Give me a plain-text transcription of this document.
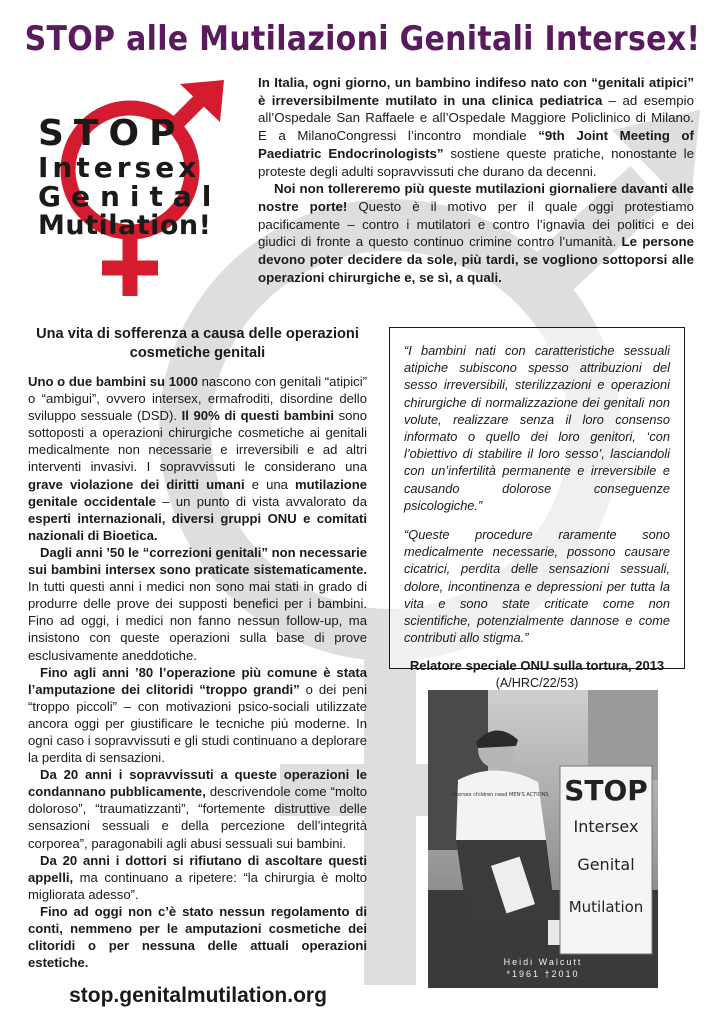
STOP alle Mutilazioni Genitali Intersex!
STOP
Intersex
Genital
Mutilation!

In Italia, ogni giorno, un bambino indifeso nato con “genitali atipici” è irreversibilmente mutilato in una clinica pediatrica – ad esempio all’Ospedale San Raffaele e all’Ospedale Maggiore Policlinico di Milano. E a MilanoCongressi l’incontro mondiale “9th Joint Meeting of Paediatric Endocrinologists” sostiene queste pratiche, nonostante le proteste degli adulti sopravvissuti che durano da decenni.

Noi non tollereremo più queste mutilazioni giornaliere davanti alle nostre porte! Questo è il motivo per il quale oggi protestiamo pacificamente – contro i mutilatori e contro l’ignavia dei politici e dei giudici di fronte a questo continuo crimine contro l’umanità. Le persone devono poter decidere da sole, più tardi, se vogliono sottoporsi alle operazioni chirurgiche e, se sì, a quali.

Una vita di sofferenza a causa delle operazioni cosmetiche genitali

Uno o due bambini su 1000 nascono con genitali “atipici” o “ambigui”, ovvero intersex, ermafroditi, disordine dello sviluppo sessuale (DSD). Il 90% di questi bambini sono sottoposti a operazioni chirurgiche cosmetiche ai genitali medicalmente non necessarie e irreversibili e ad altri interventi invasivi. I sopravvissuti le considerano una grave violazione dei diritti umani e una mutilazione genitale occidentale – un punto di vista avvalorato da esperti internazionali, diversi gruppi ONU e comitati nazionali di Bioetica.

Dagli anni ’50 le “correzioni genitali” non necessarie sui bambini intersex sono praticate sistematicamente. In tutti questi anni i medici non sono mai stati in grado di produrre delle prove dei supposti benefici per i bambini. Fino ad oggi, i medici non fanno nessun follow-up, ma insistono con queste operazioni sulla base di prove esclusivamente aneddotiche.

Fino agli anni ’80 l’operazione più comune è stata l’amputazione dei clitoridi “troppo grandi” o dei peni “troppo piccoli” – con motivazioni psico-sociali utilizzate ancora oggi per giustificare le tecniche più moderne. In ogni caso i sopravvissuti e gli studi continuano a deplorare la perdita di sensazioni.

Da 20 anni i sopravvissuti a queste operazioni le condannano pubblicamente, descrivendole come “molto doloroso”, “traumatizzanti”, “fortemente distruttive delle sensazioni sessuali e della percezione dell’integrità corporea”, paragonabili agli abusi sessuali sui bambini.

Da 20 anni i dottori si rifiutano di ascoltare questi appelli, ma continuano a ripetere: “la chirurgia è molto migliorata adesso”.

Fino ad oggi non c’è stato nessun regolamento di conti, nemmeno per le amputazioni cosmetiche dei clitoridi o per nessuna delle attuali operazioni estetiche.

“I bambini nati con caratteristiche sessuali atipiche subiscono spesso attribuzioni del sesso irreversibili, sterilizzazioni e operazioni chirurgiche di normalizzazione dei genitali non volute, realizzare senza il loro consenso informato o quello dei loro genitori, ‘con l’obiettivo di stabilire il loro sesso’, lasciandoli con un’infertilità permanente e irreversibile e causando dolorose conseguenze psicologiche.”

“Queste procedure raramente sono medicalmente necessarie, possono causare cicatrici, perdita delle sensazioni sessuali, dolore, incontinenza e depressioni per tutta la vita e sono state criticate come non scientifiche, potenzialmente dannose e come contributi allo stigma.”

Relatore speciale ONU sulla tortura, 2013
(A/HRC/22/53)
STOP
Intersex
Genital
Mutilation
Intersex children need MEN'S ACTIONS
Heidi Walcutt
*1961 †2010
stop.genitalmutilation.org
